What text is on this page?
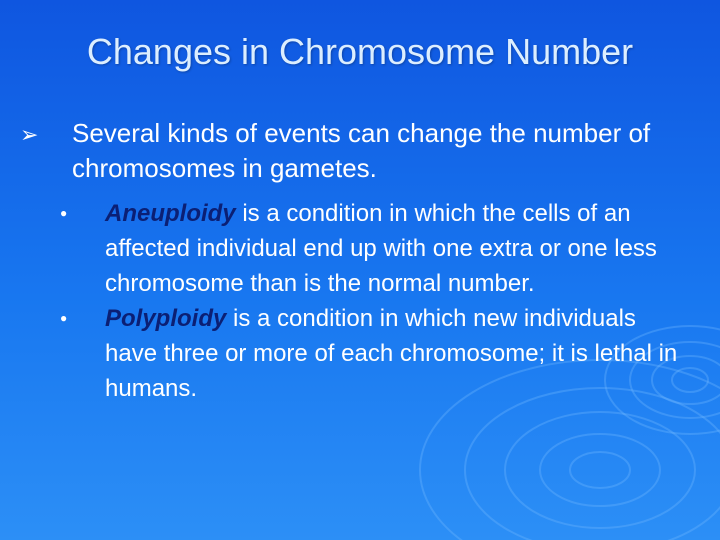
Changes in Chromosome Number
➢ Several kinds of events can change the number of chromosomes in gametes.
● Aneuploidy is a condition in which the cells of an affected individual end up with one extra or one less chromosome than is the normal number.
● Polyploidy is a condition in which new individuals have three or more of each chromosome; it is lethal in humans.
